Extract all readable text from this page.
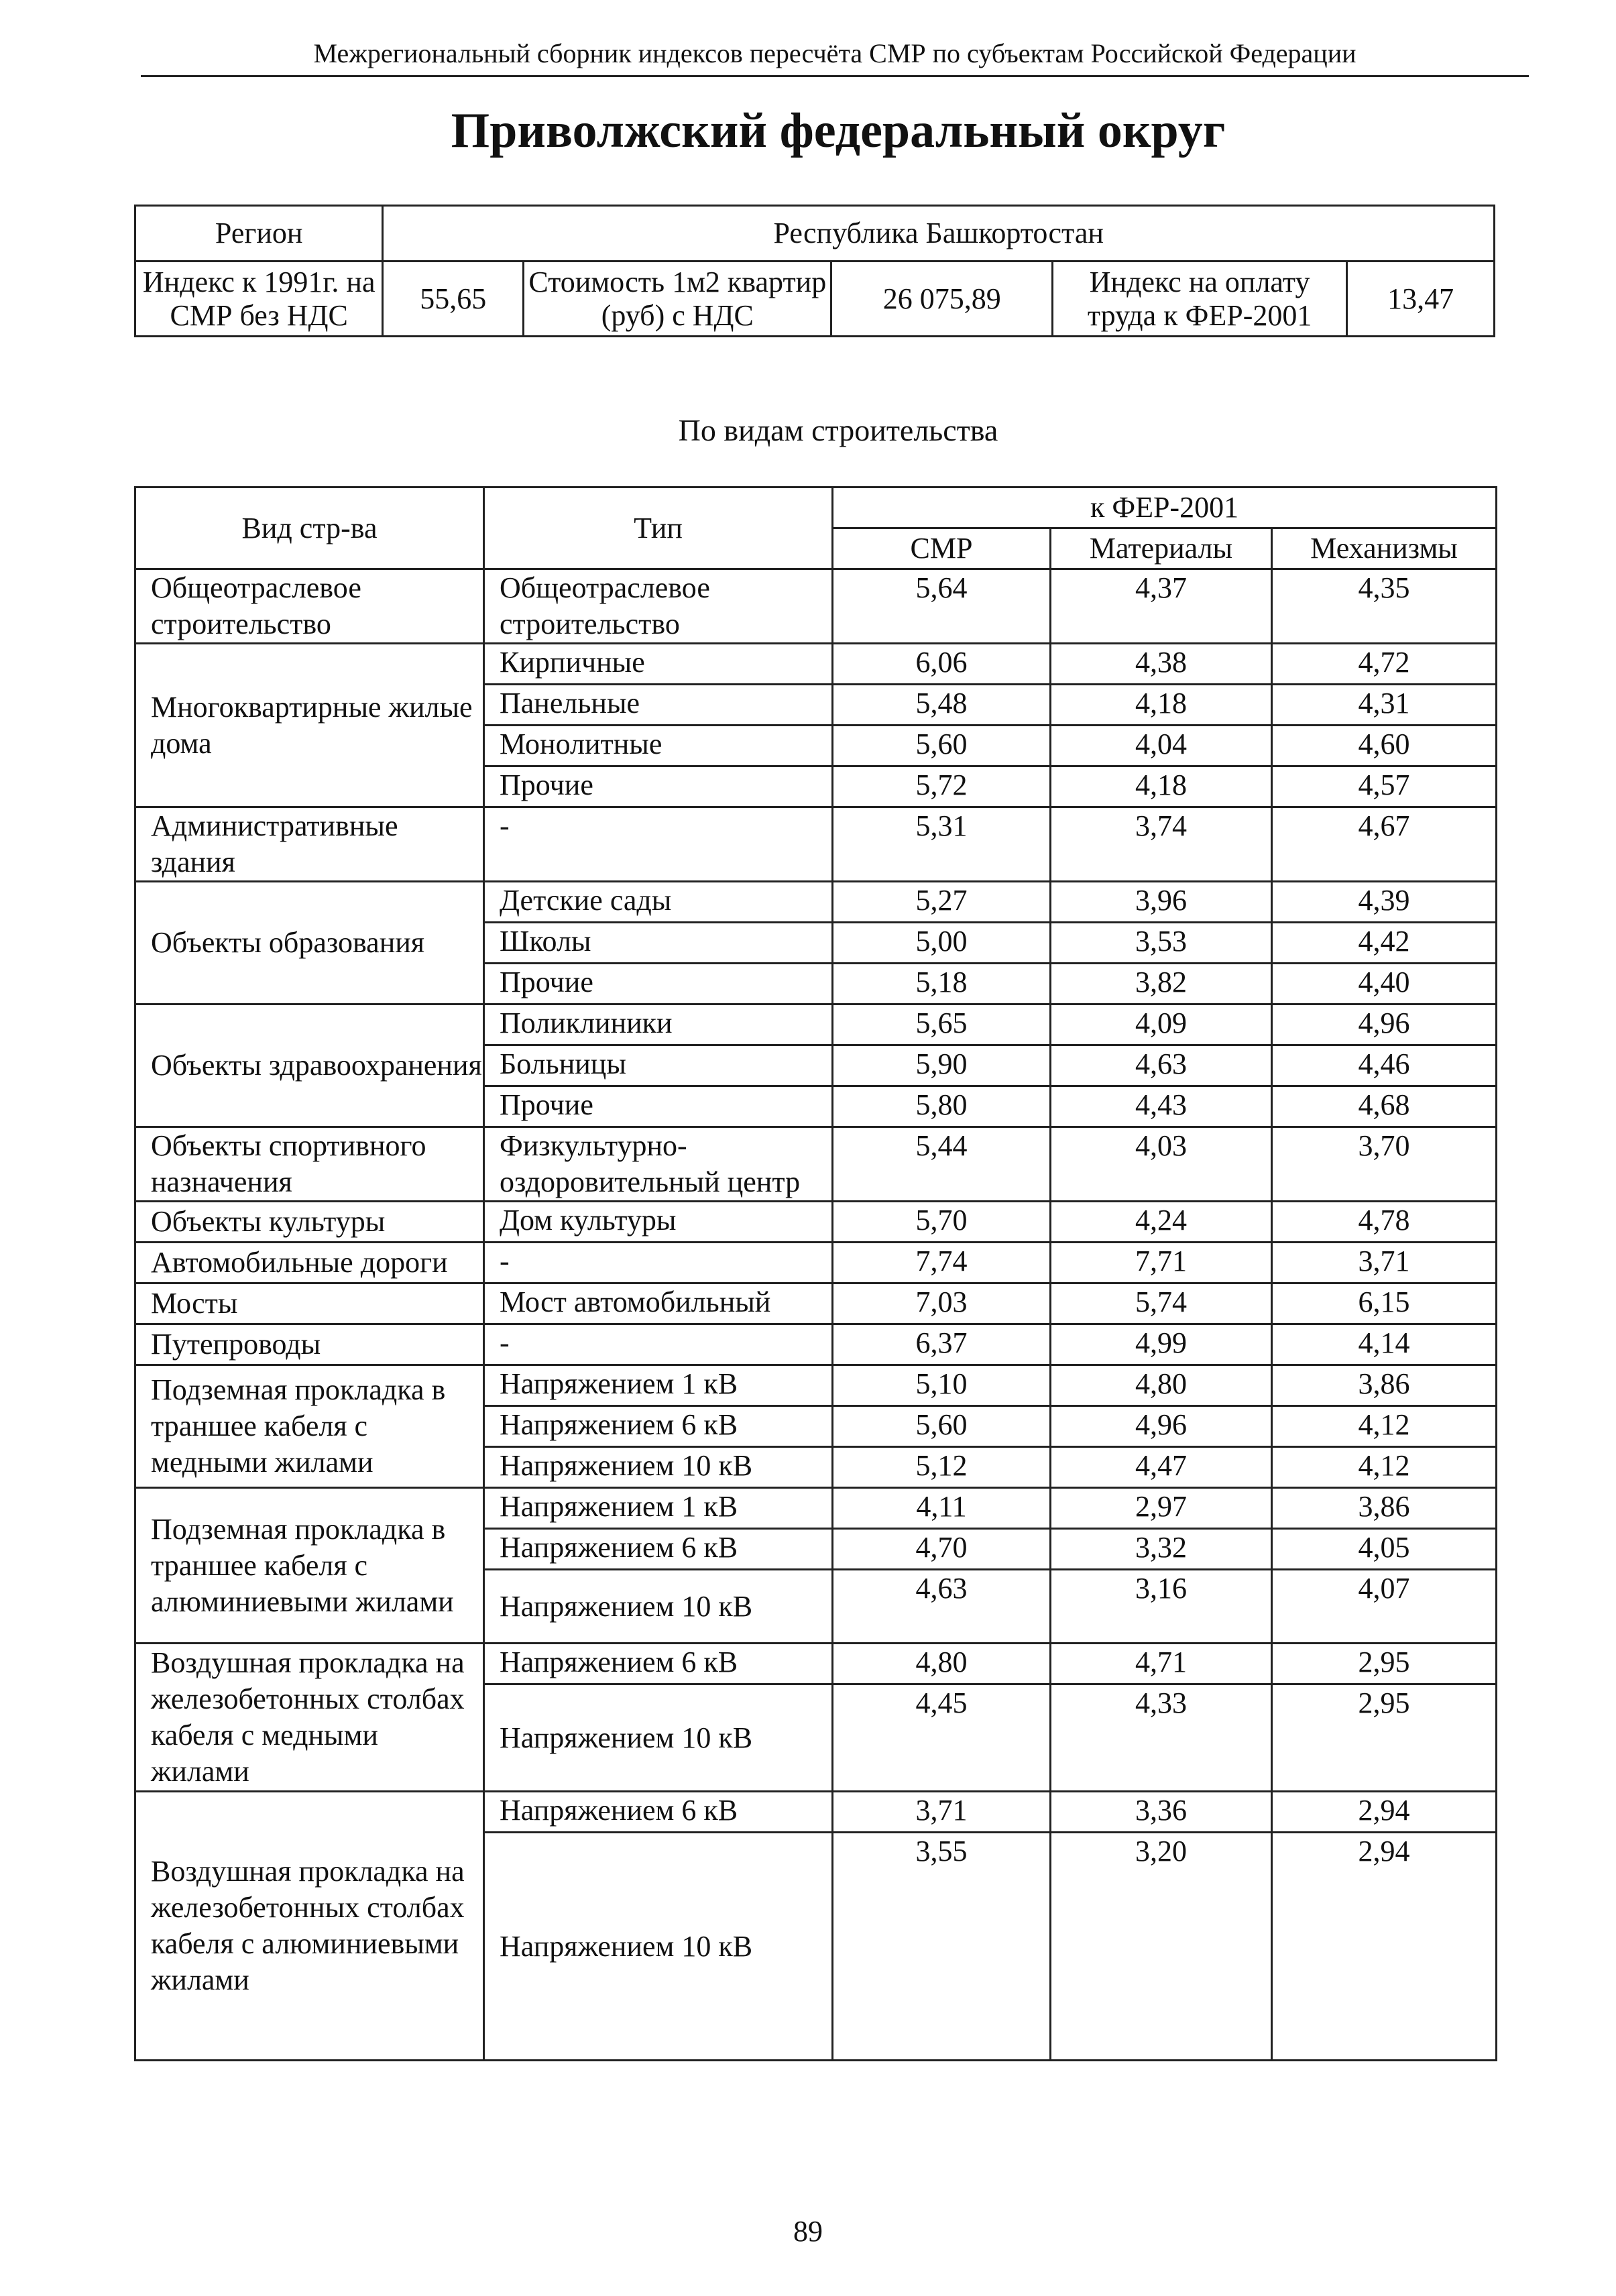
Межрегиональный сборник индексов пересчёта СМР по субъектам Российской Федерации
Приволжский федеральный округ
Регион	Республика Башкортостан				
Индекс к 1991г. на СМР без НДС	55,65	Стоимость 1м2 квартир (руб) с НДС	26 075,89	Индекс на оплату труда к ФЕР-2001	13,47
По видам строительства
Вид стр-ва	Тип	к ФЕР-2001		
		СМР	Материалы	Механизмы
Общеотраслевое строительство	Общеотраслевое строительство	5,64	4,37	4,35
Многоквартирные жилые дома	Кирпичные	6,06	4,38	4,72
	Панельные	5,48	4,18	4,31
	Монолитные	5,60	4,04	4,60
	Прочие	5,72	4,18	4,57
Административные здания	-	5,31	3,74	4,67
Объекты образования	Детские сады	5,27	3,96	4,39
	Школы	5,00	3,53	4,42
	Прочие	5,18	3,82	4,40
Объекты здравоохранения	Поликлиники	5,65	4,09	4,96
	Больницы	5,90	4,63	4,46
	Прочие	5,80	4,43	4,68
Объекты спортивного назначения	Физкультурно-оздоровительный центр	5,44	4,03	3,70
Объекты культуры	Дом культуры	5,70	4,24	4,78
Автомобильные дороги	-	7,74	7,71	3,71
Мосты	Мост автомобильный	7,03	5,74	6,15
Путепроводы	-	6,37	4,99	4,14
Подземная прокладка в траншее кабеля с медными жилами	Напряжением 1 кВ	5,10	4,80	3,86
	Напряжением 6 кВ	5,60	4,96	4,12
	Напряжением 10 кВ	5,12	4,47	4,12
Подземная прокладка в траншее кабеля с алюминиевыми жилами	Напряжением 1 кВ	4,11	2,97	3,86
	Напряжением 6 кВ	4,70	3,32	4,05
	Напряжением 10 кВ	4,63	3,16	4,07
Воздушная прокладка на железобетонных столбах кабеля с медными жилами	Напряжением 6 кВ	4,80	4,71	2,95
	Напряжением 10 кВ	4,45	4,33	2,95
Воздушная прокладка на железобетонных столбах кабеля с алюминиевыми жилами	Напряжением 6 кВ	3,71	3,36	2,94
	Напряжением 10 кВ	3,55	3,20	2,94
89
